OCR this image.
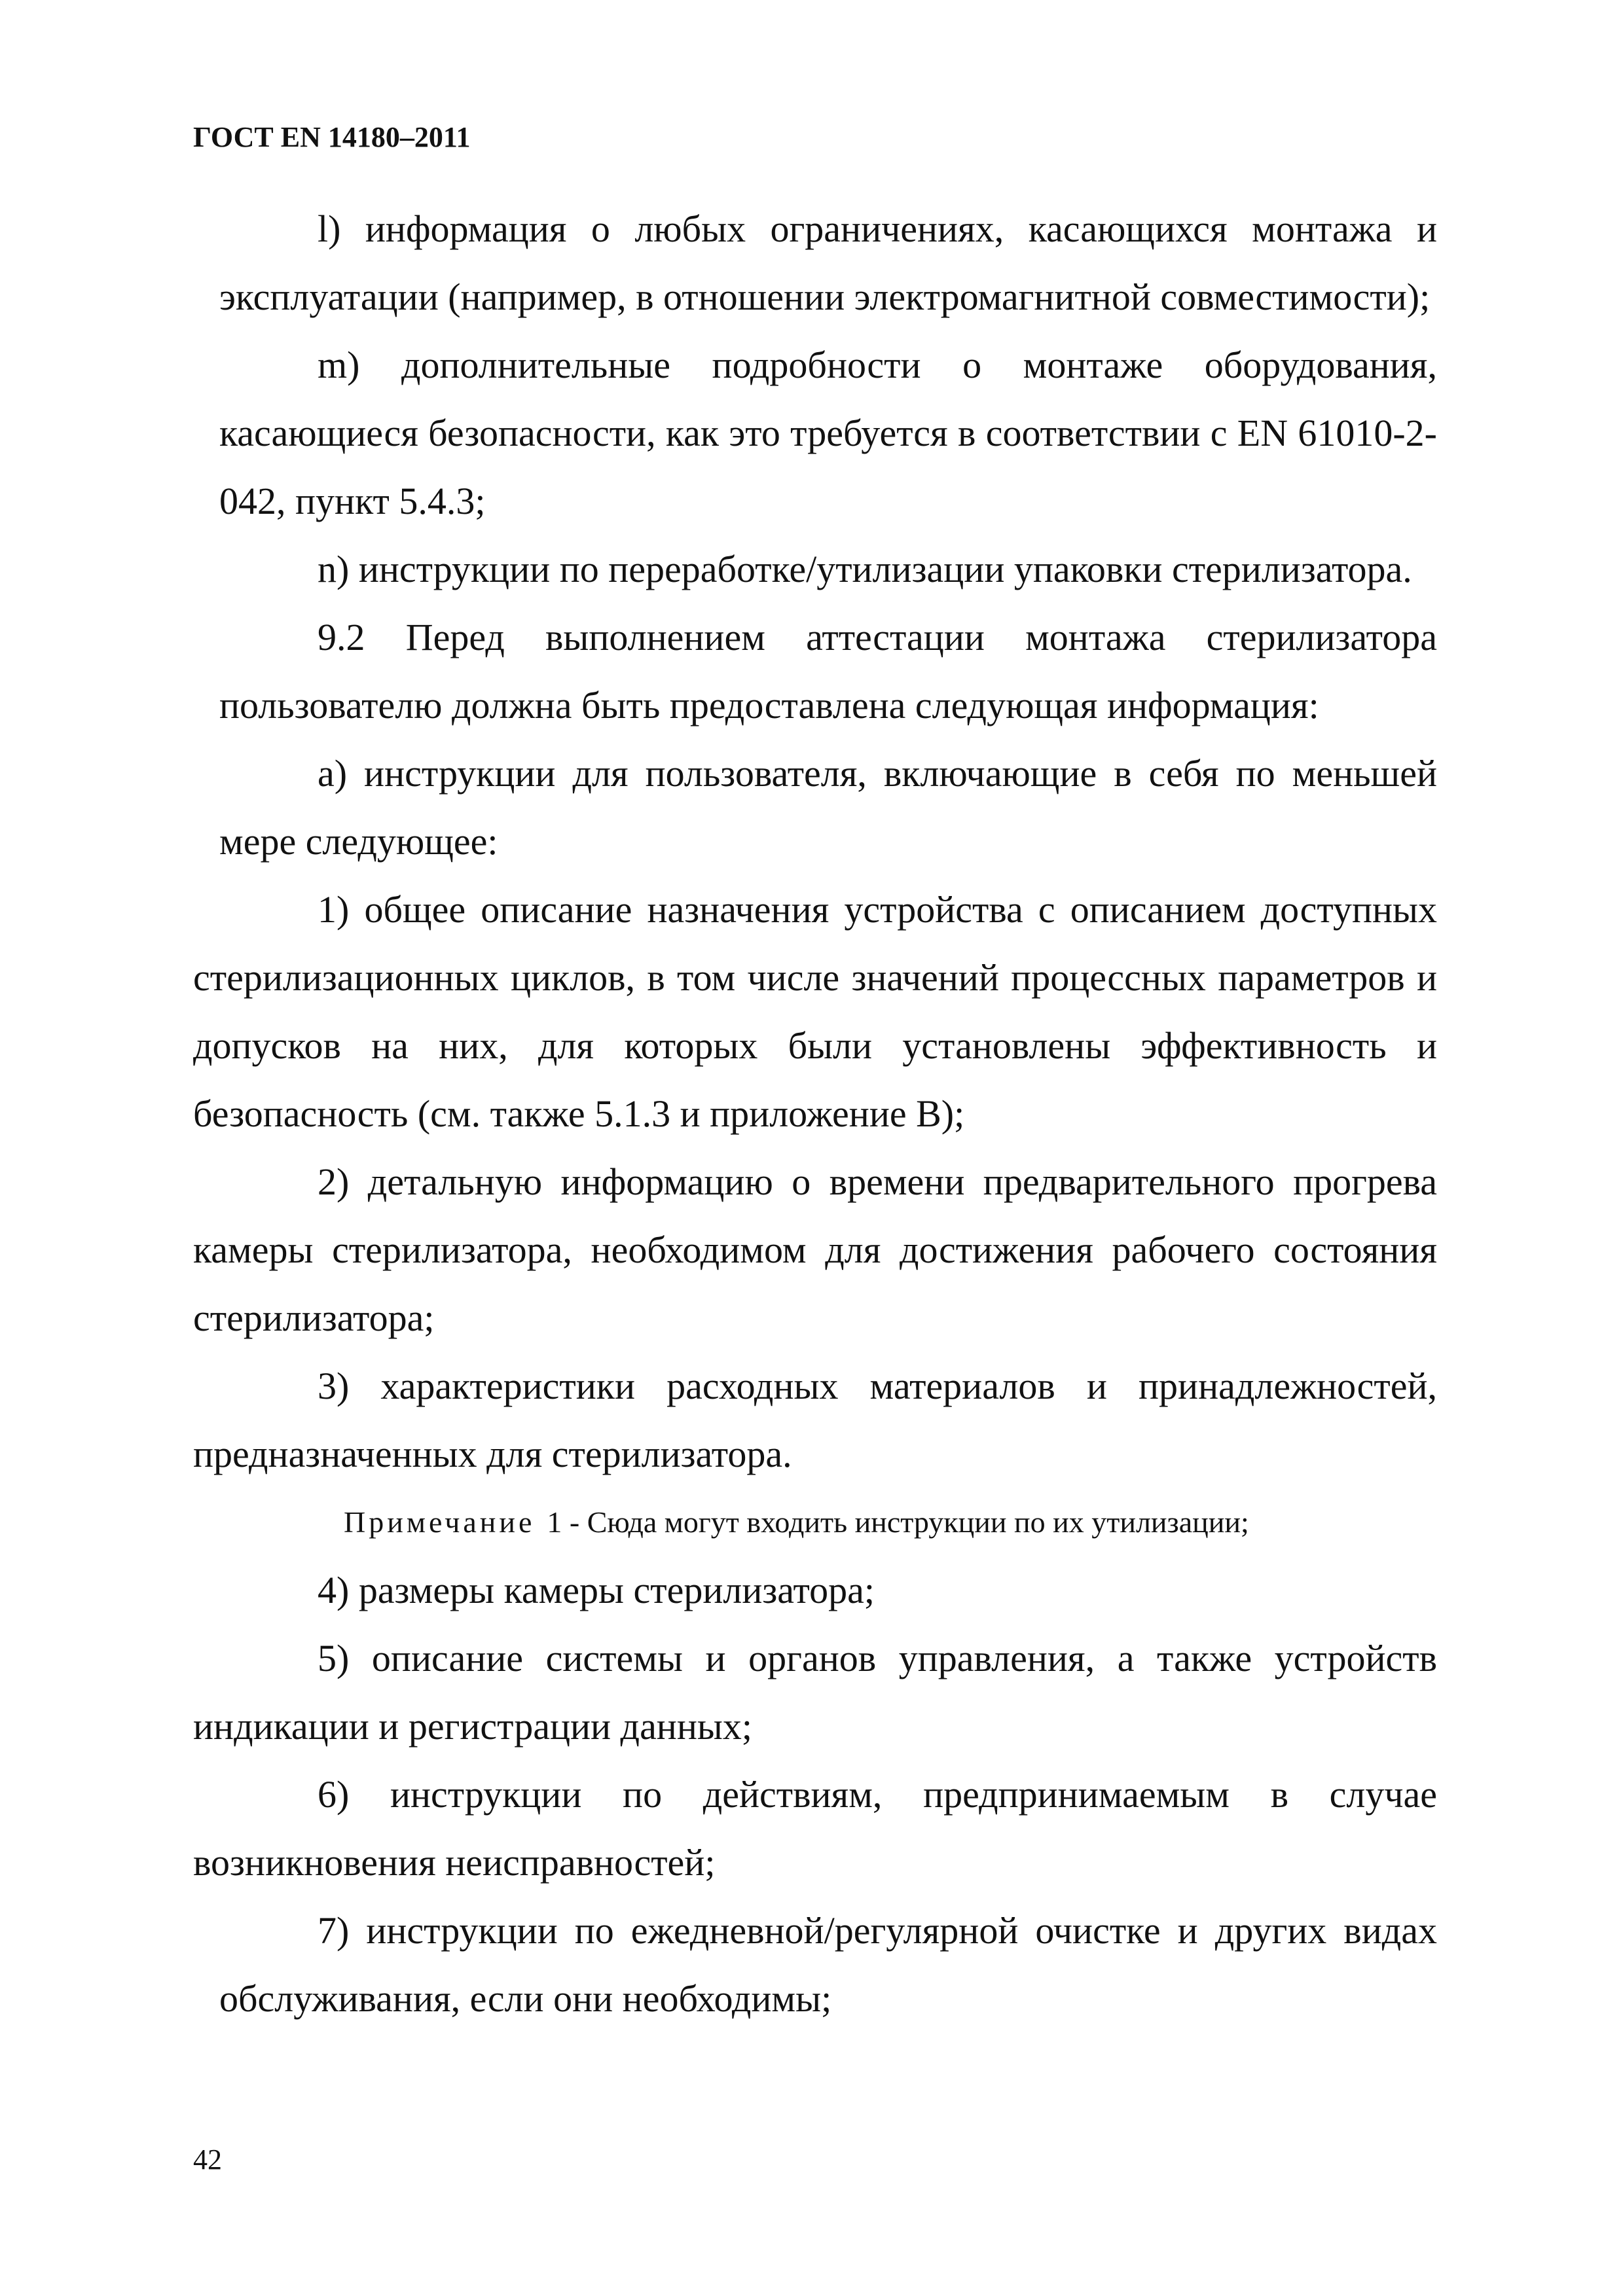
ГОСТ EN 14180–2011

l) информация о любых ограничениях, касающихся монтажа и эксплуатации (например, в отношении электромагнитной совместимости);

m) дополнительные подробности о монтаже оборудования, касающиеся безопасности, как это требуется в соответствии с EN 61010-2-042, пункт 5.4.3;

n) инструкции по переработке/утилизации упаковки стерилизатора.

9.2 Перед выполнением аттестации монтажа стерилизатора пользователю должна быть предоставлена следующая информация:

a) инструкции для пользователя, включающие в себя по меньшей мере следующее:

1) общее описание назначения устройства с описанием доступных стерилизационных циклов, в том числе значений процессных параметров и допусков на них, для которых были установлены эффективность и безопасность (см. также 5.1.3 и приложение В);

2) детальную информацию о времени предварительного прогрева камеры стерилизатора, необходимом для достижения рабочего состояния стерилизатора;

3) характеристики расходных материалов и принадлежностей, предназначенных для стерилизатора.

Примечание 1 - Сюда могут входить инструкции по их утилизации;

4) размеры камеры стерилизатора;

5) описание системы и органов управления, а также устройств индикации и регистрации данных;

6) инструкции по действиям, предпринимаемым в случае возникновения неисправностей;

7) инструкции по ежедневной/регулярной очистке и других видах обслуживания, если они необходимы;

42
